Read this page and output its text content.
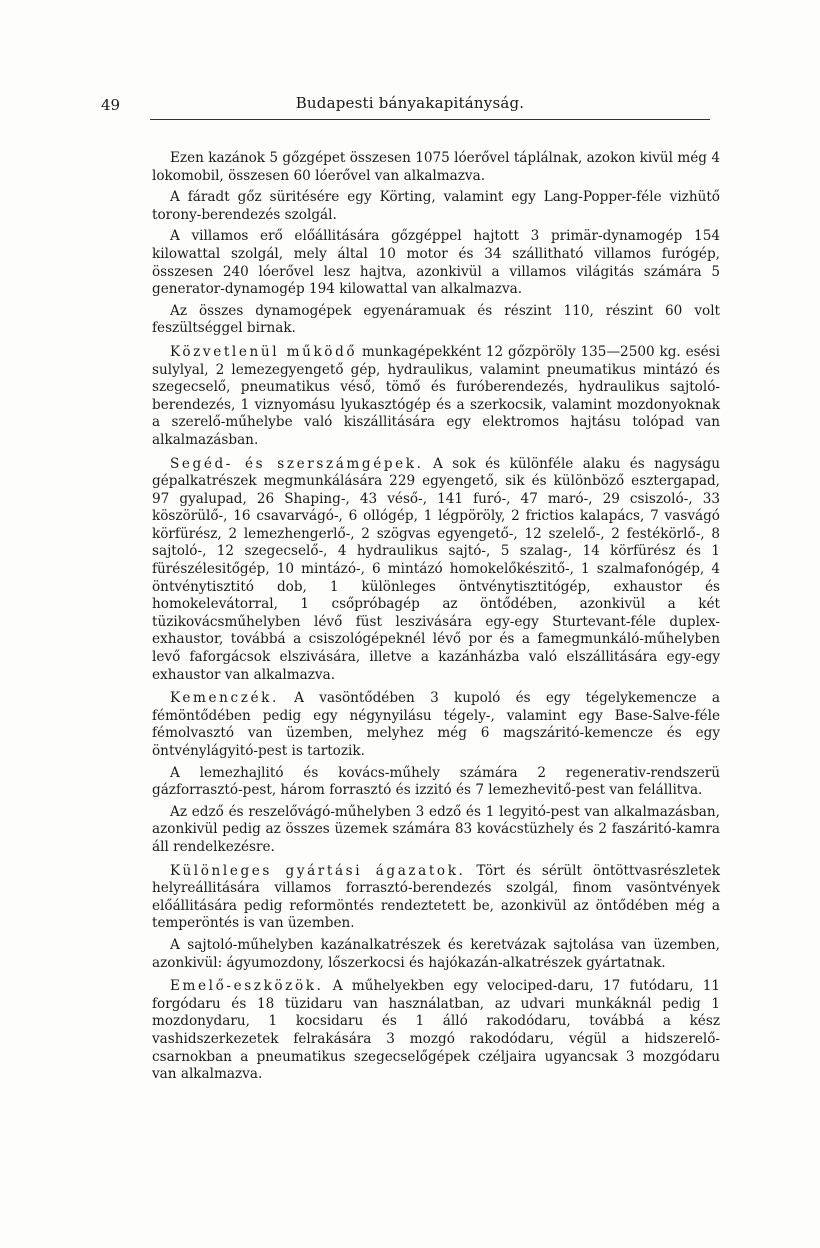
49	Budapesti bányakapitányság.

Ezen kazánok 5 gőzgépet összesen 1075 lóerővel táplálnak, azokon kivül még 4 lokomobil, összesen 60 lóerővel van alkalmazva.

A fáradt gőz süritésére egy Körting, valamint egy Lang-Popper-féle vizhütő torony-berendezés szolgál.

A villamos erő előállitására gőzgéppel hajtott 3 primär-dynamogép 154 kilowattal szolgál, mely által 10 motor és 34 szállitható villamos furógép, összesen 240 lóerővel lesz hajtva, azonkivül a villamos világitás számára 5 generator-dynamogép 194 kilowattal van alkalmazva.

Az összes dynamogépek egyenáramuak és részint 110, részint 60 volt feszültséggel birnak.

Közvetlenül működő munkagépekként 12 gőzpöröly 135—2500 kg. esési sulylyal, 2 lemezegyengető gép, hydraulikus, valamint pneumatikus mintázó és szegecselő, pneumatikus véső, tömő és furóberendezés, hydraulikus sajtoló-berendezés, 1 viznyomásu lyukasztógép és a szerkocsik, valamint mozdonyoknak a szerelő-műhelybe való kiszállitására egy elektromos hajtásu tolópad van alkalmazásban.

Segéd- és szerszámgépek. A sok és különféle alaku és nagyságu gépalkatrészek megmunkálására 229 egyengető, sik és különböző esztergapad, 97 gyalupad, 26 Shaping-, 43 véső-, 141 furó-, 47 maró-, 29 csiszoló-, 33 köszörülő-, 16 csavarvágó-, 6 ollógép, 1 légpöröly, 2 frictios kalapács, 7 vasvágó körfürész, 2 lemezhengerlő-, 2 szögvas egyengető-, 12 szelelő-, 2 festékörlő-, 8 sajtoló-, 12 szegecselő-, 4 hydraulikus sajtó-, 5 szalag-, 14 körfürész és 1 fürészélesitőgép, 10 mintázó-, 6 mintázó homokelőkészitő-, 1 szalmafonógép, 4 öntvénytisztitó dob, 1 különleges öntvénytisztitógép, exhaustor és homokelevátorral, 1 csőpróbagép az öntődében, azonkivül a két tüzikovácsműhelyben lévő füst leszivására egy-egy Sturtevant-féle duplex-exhaustor, továbbá a csiszológépeknél lévő por és a famegmunkáló-műhelyben levő faforgácsok elszivására, illetve a kazánházba való elszállitására egy-egy exhaustor van alkalmazva.

Kemenczék. A vasöntődében 3 kupoló és egy tégelykemencze a fémöntődében pedig egy négynyilásu tégely-, valamint egy Base-Salve-féle fémolvasztó van üzemben, melyhez még 6 magszáritó-kemencze és egy öntvénylágyitó-pest is tartozik.

A lemezhajlitó és kovács-műhely számára 2 regenerativ-rendszerü gázforrasztó-pest, három forrasztó és izzitó és 7 lemezhevitő-pest van felállitva.

Az edző és reszelővágó-műhelyben 3 edző és 1 legyitó-pest van alkalmazásban, azonkivül pedig az összes üzemek számára 83 kovácstüzhely és 2 faszáritó-kamra áll rendelkezésre.

Különleges gyártási ágazatok. Tört és sérült öntöttvasrészletek helyreállitására villamos forrasztó-berendezés szolgál, finom vasöntvények előállitására pedig reformöntés rendeztetett be, azonkivül az öntődében még a temperöntés is van üzemben.

A sajtoló-műhelyben kazánalkatrészek és keretvázak sajtolása van üzemben, azonkivül: ágyumozdony, lőszerkocsi és hajókazán-alkatrészek gyártatnak.

Emelő-eszközök. A műhelyekben egy velociped-daru, 17 futódaru, 11 forgódaru és 18 tüzidaru van használatban, az udvari munkáknál pedig 1 mozdonydaru, 1 kocsidaru és 1 álló rakodódaru, továbbá a kész vashidszerkezetek felrakására 3 mozgó rakodódaru, végül a hidszerelő-csarnokban a pneumatikus szegecselőgépek czéljaira ugyancsak 3 mozgódaru van alkalmazva.
